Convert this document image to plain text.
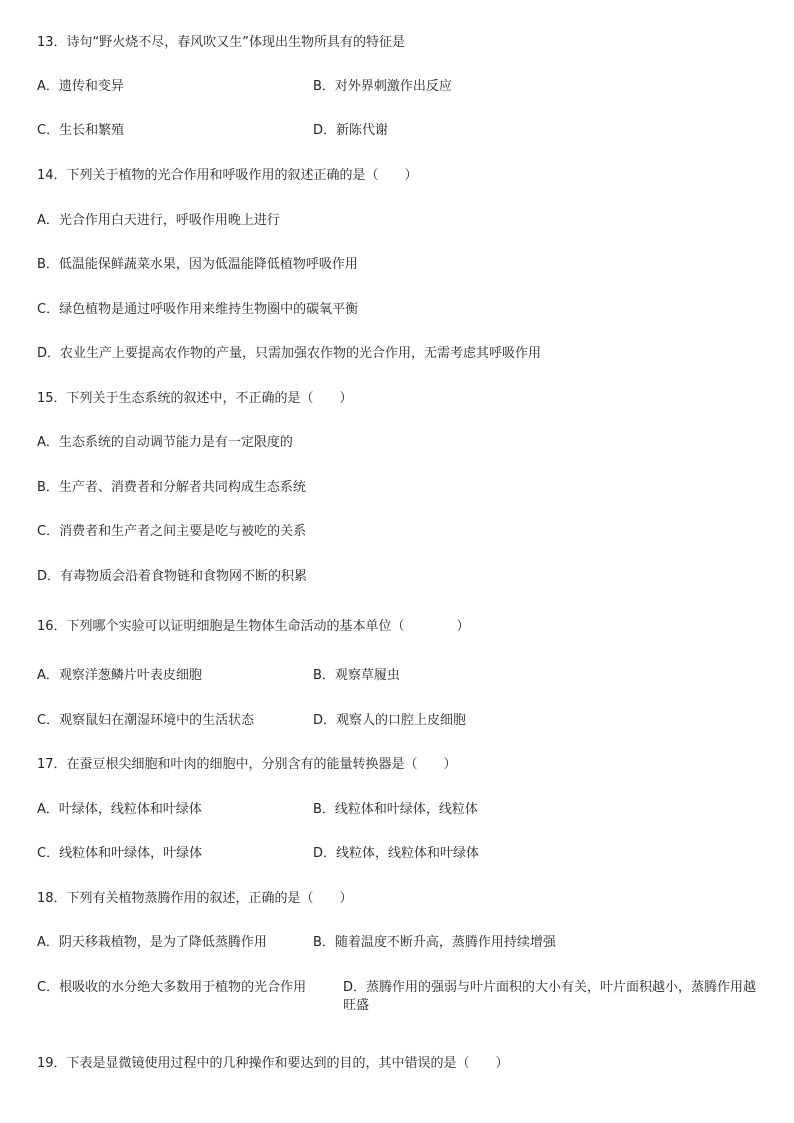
13．诗句“野火烧不尽，春风吹又生”体现出生物所具有的特征是
A．遗传和变异	B．对外界刺激作出反应
C．生长和繁殖	D．新陈代谢
14．下列关于植物的光合作用和呼吸作用的叙述正确的是（　　）
A．光合作用白天进行，呼吸作用晚上进行
B．低温能保鲜蔬菜水果，因为低温能降低植物呼吸作用
C．绿色植物是通过呼吸作用来维持生物圈中的碳氧平衡
D．农业生产上要提高农作物的产量，只需加强农作物的光合作用，无需考虑其呼吸作用
15．下列关于生态系统的叙述中，不正确的是（　　）
A．生态系统的自动调节能力是有一定限度的
B．生产者、消费者和分解者共同构成生态系统
C．消费者和生产者之间主要是吃与被吃的关系
D．有毒物质会沿着食物链和食物网不断的积累
16．下列哪个实验可以证明细胞是生物体生命活动的基本单位（　　　　）
A．观察洋葱鳞片叶表皮细胞	B．观察草履虫
C．观察鼠妇在潮湿环境中的生活状态	D．观察人的口腔上皮细胞
17．在蚕豆根尖细胞和叶肉的细胞中，分别含有的能量转换器是（　　）
A．叶绿体，线粒体和叶绿体	B．线粒体和叶绿体，线粒体
C．线粒体和叶绿体，叶绿体	D．线粒体，线粒体和叶绿体
18．下列有关植物蒸腾作用的叙述，正确的是（　　）
A．阴天移栽植物，是为了降低蒸腾作用	B．随着温度不断升高，蒸腾作用持续增强
C．根吸收的水分绝大多数用于植物的光合作用	D．蒸腾作用的强弱与叶片面积的大小有关，叶片面积越小，蒸腾作用越旺盛
19．下表是显微镜使用过程中的几种操作和要达到的目的，其中错误的是（　　）
